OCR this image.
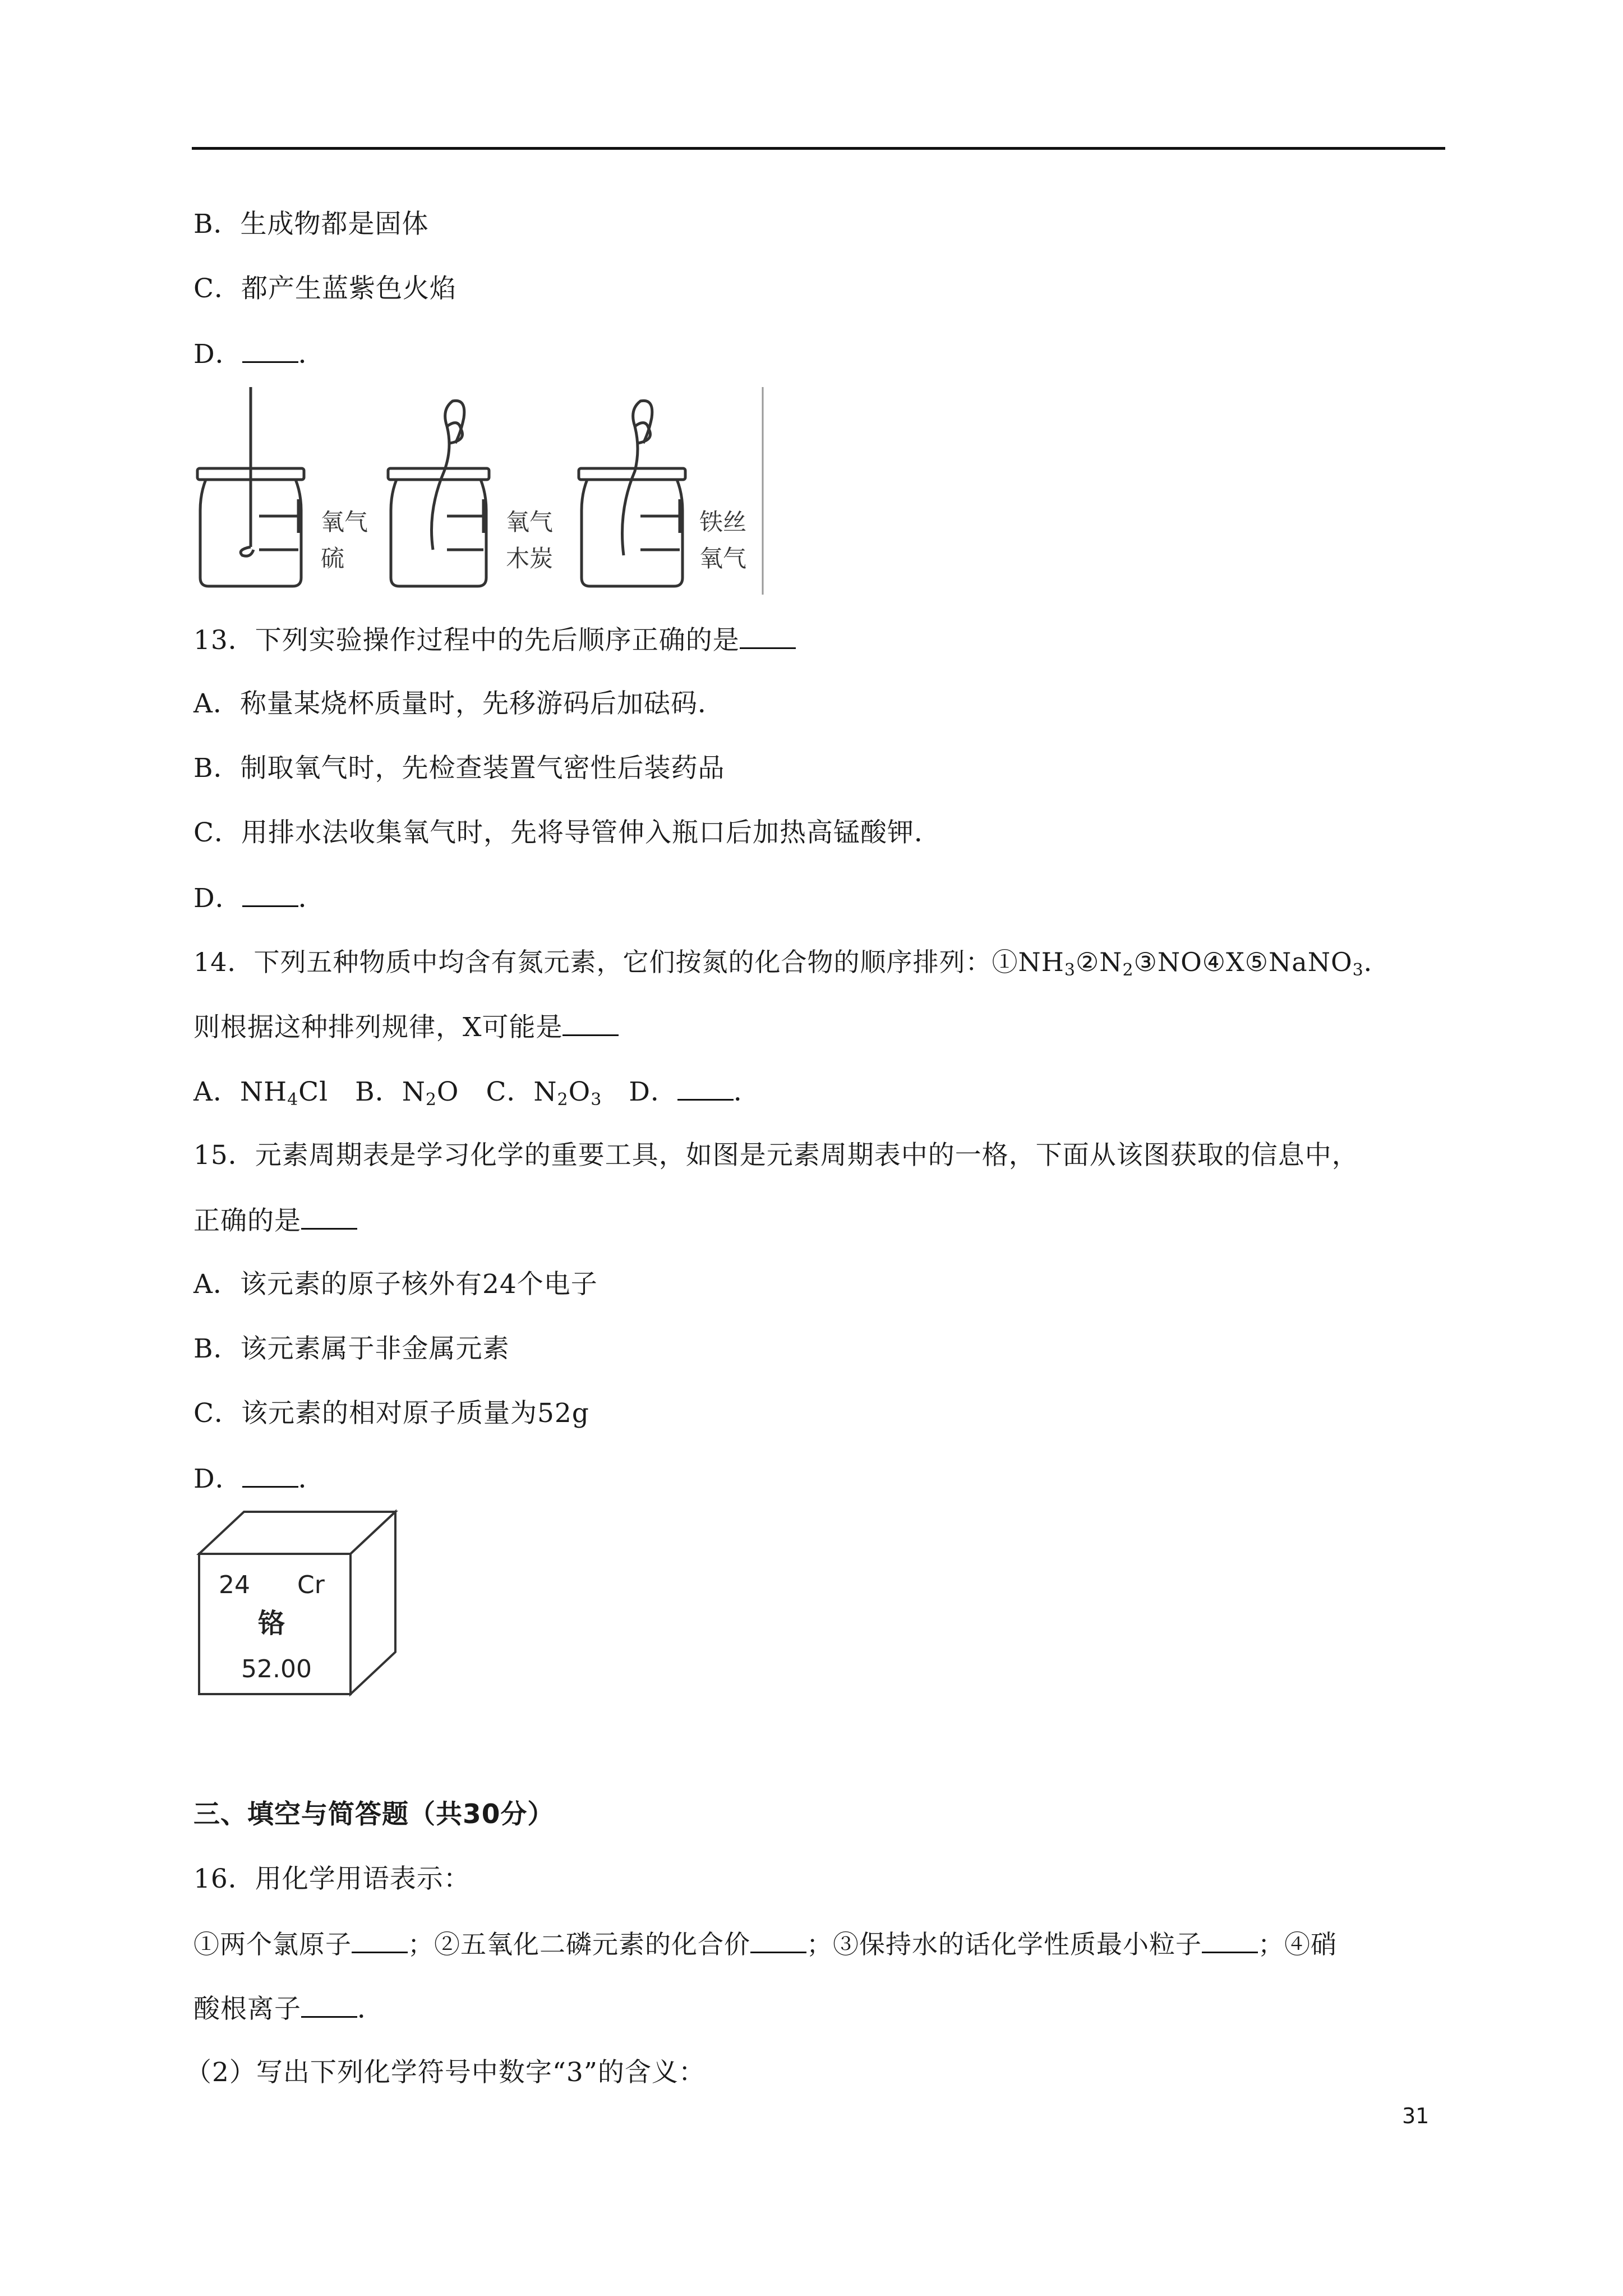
B．生成物都是固体
C．都产生蓝紫色火焰
D． ．
氧气
硫
氧气
木炭
铁丝
氧气
13．下列实验操作过程中的先后顺序正确的是
A．称量某烧杯质量时，先移游码后加砝码．
B．制取氧气时，先检查装置气密性后装药品
C．用排水法收集氧气时，先将导管伸入瓶口后加热高锰酸钾．
D． ．
14．下列五种物质中均含有氮元素，它们按氮的化合物的顺序排列：$①NH_3②N_2③NO④X⑤NaNO_3$．
则根据这种排列规律，X可能是
A．$NH_4Cl$　B．$N_2O$　C．$N_2O_3$　D． ．
15．元素周期表是学习化学的重要工具，如图是元素周期表中的一格，下面从该图获取的信息中，
正确的是
A．该元素的原子核外有24个电子
B．该元素属于非金属元素
C．该元素的相对原子质量为52g
D． ．
24 Cr
铬
52.00
三、填空与简答题（共30分）
16．用化学用语表示：
①两个氯原子 ；②五氧化二磷元素的化合价 ；③保持水的话化学性质最小粒子 ；④硝
酸根离子 ．
（2）写出下列化学符号中数字“3”的含义：
31
